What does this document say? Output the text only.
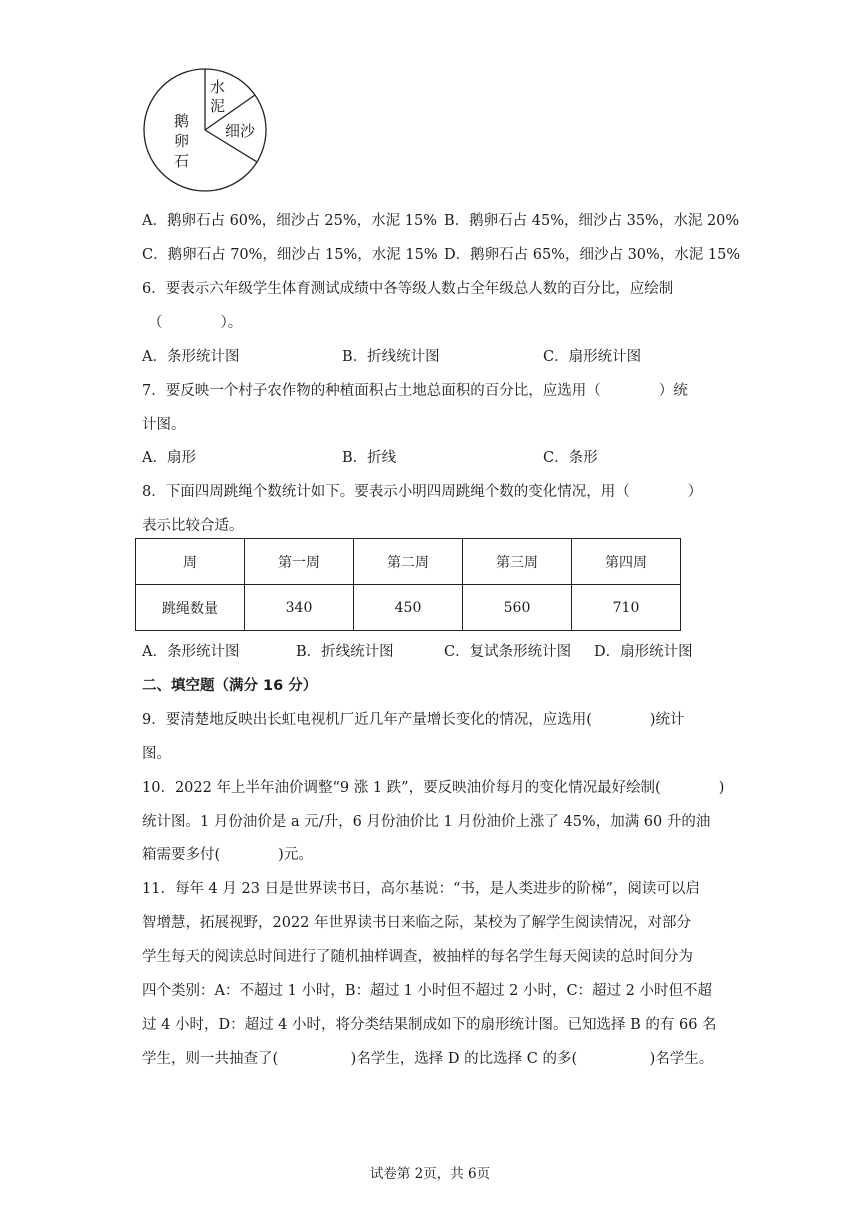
水
泥
细沙
鹅
卵
石
A．鹅卵石占 60%，细沙占 25%，水泥 15% B．鹅卵石占 45%，细沙占 35%，水泥 20%
C．鹅卵石占 70%，细沙占 15%，水泥 15% D．鹅卵石占 65%，细沙占 30%，水泥 15%
6．要表示六年级学生体育测试成绩中各等级人数占全年级总人数的百分比，应绘制
（　　　　）。
A．条形统计图	B．折线统计图	C．扇形统计图
7．要反映一个村子农作物的种植面积占土地总面积的百分比，应选用（　　　　）统
计图。
A．扇形	B．折线	C．条形
8．下面四周跳绳个数统计如下。要表示小明四周跳绳个数的变化情况，用（　　　　）
表示比较合适。
周	第一周	第二周	第三周	第四周
跳绳数量	340	450	560	710
A．条形统计图	B．折线统计图	C．复试条形统计图 D．扇形统计图
二、填空题（满分 16 分）
9．要清楚地反映出长虹电视机厂近几年产量增长变化的情况，应选用(　　　　)统计
图。
10．2022 年上半年油价调整“9 涨 1 跌”，要反映油价每月的变化情况最好绘制(　　　　)
统计图。1 月份油价是 a 元/升，6 月份油价比 1 月份油价上涨了 45%，加满 60 升的油
箱需要多付(　　　　)元。
11．每年 4 月 23 日是世界读书日，高尔基说：“书，是人类进步的阶梯”，阅读可以启
智增慧，拓展视野，2022 年世界读书日来临之际，某校为了解学生阅读情况，对部分
学生每天的阅读总时间进行了随机抽样调查，被抽样的每名学生每天阅读的总时间分为
四个类别：A：不超过 1 小时，B：超过 1 小时但不超过 2 小时，C：超过 2 小时但不超
过 4 小时，D：超过 4 小时，将分类结果制成如下的扇形统计图。已知选择 B 的有 66 名
学生，则一共抽查了(　　　　　)名学生，选择 D 的比选择 C 的多(　　　　　)名学生。
试卷第 2页，共 6页
